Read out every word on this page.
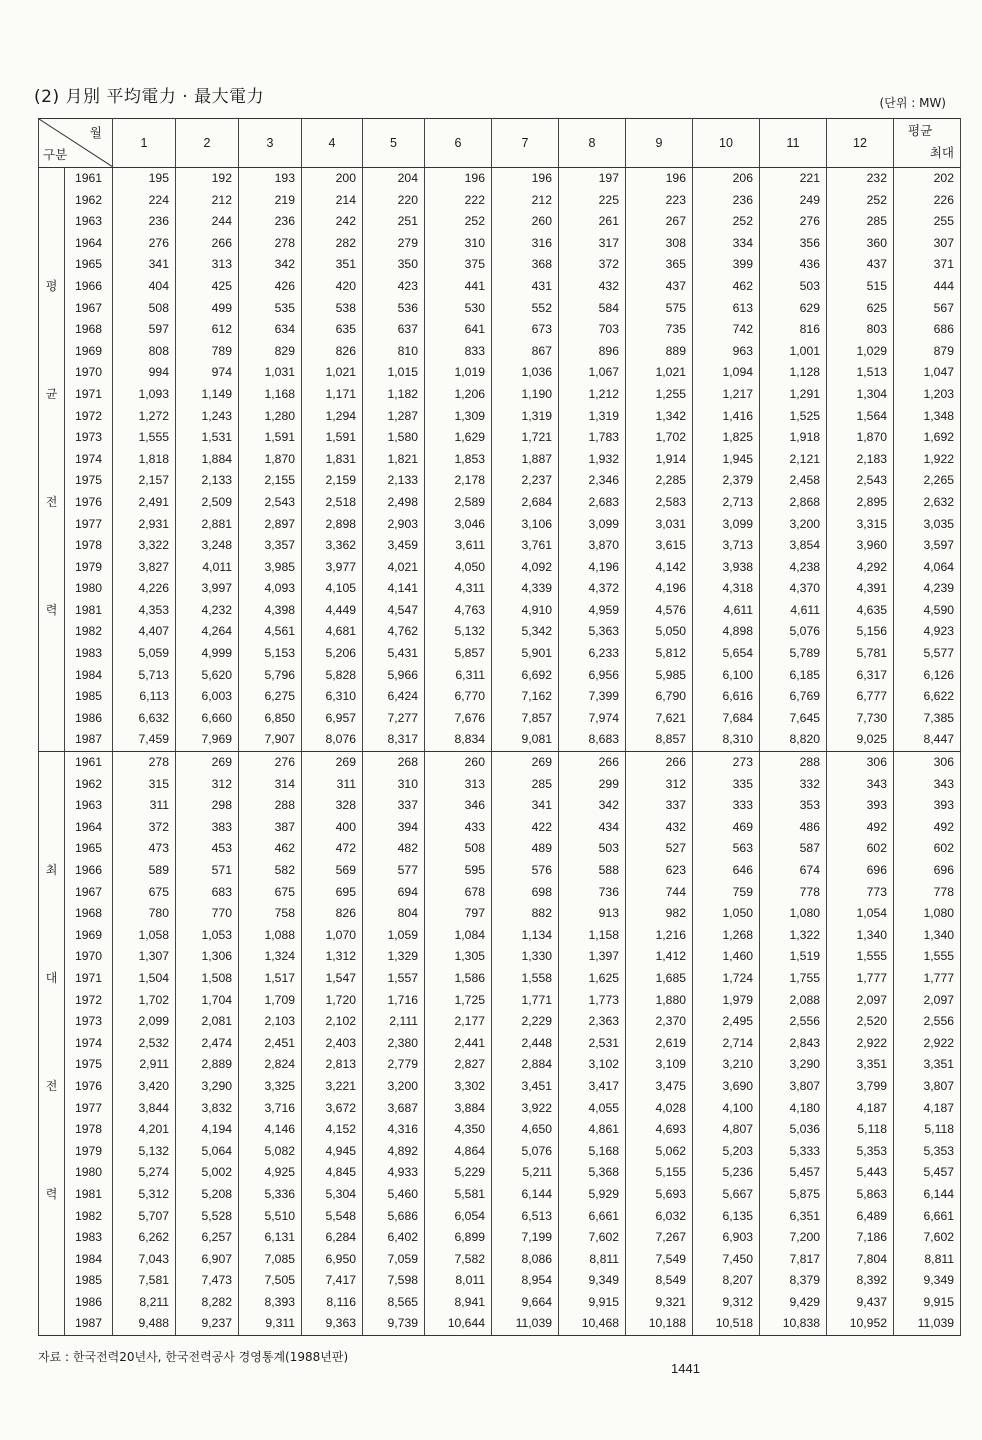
(2) 月別 平均電力 · 最大電力	(단위 : MW)
월
구분		1	2	3	4	5	6	7	8	9	10	11	12	평균
최대

평
균
전
력	1961	195	192	193	200	204	196	196	197	196	206	221	232	202
	1962	224	212	219	214	220	222	212	225	223	236	249	252	226
	1963	236	244	236	242	251	252	260	261	267	252	276	285	255
	1964	276	266	278	282	279	310	316	317	308	334	356	360	307
	1965	341	313	342	351	350	375	368	372	365	399	436	437	371
	1966	404	425	426	420	423	441	431	432	437	462	503	515	444
	1967	508	499	535	538	536	530	552	584	575	613	629	625	567
	1968	597	612	634	635	637	641	673	703	735	742	816	803	686
	1969	808	789	829	826	810	833	867	896	889	963	1,001	1,029	879
	1970	994	974	1,031	1,021	1,015	1,019	1,036	1,067	1,021	1,094	1,128	1,513	1,047
	1971	1,093	1,149	1,168	1,171	1,182	1,206	1,190	1,212	1,255	1,217	1,291	1,304	1,203
	1972	1,272	1,243	1,280	1,294	1,287	1,309	1,319	1,319	1,342	1,416	1,525	1,564	1,348
	1973	1,555	1,531	1,591	1,591	1,580	1,629	1,721	1,783	1,702	1,825	1,918	1,870	1,692
	1974	1,818	1,884	1,870	1,831	1,821	1,853	1,887	1,932	1,914	1,945	2,121	2,183	1,922
	1975	2,157	2,133	2,155	2,159	2,133	2,178	2,237	2,346	2,285	2,379	2,458	2,543	2,265
	1976	2,491	2,509	2,543	2,518	2,498	2,589	2,684	2,683	2,583	2,713	2,868	2,895	2,632
	1977	2,931	2,881	2,897	2,898	2,903	3,046	3,106	3,099	3,031	3,099	3,200	3,315	3,035
	1978	3,322	3,248	3,357	3,362	3,459	3,611	3,761	3,870	3,615	3,713	3,854	3,960	3,597
	1979	3,827	4,011	3,985	3,977	4,021	4,050	4,092	4,196	4,142	3,938	4,238	4,292	4,064
	1980	4,226	3,997	4,093	4,105	4,141	4,311	4,339	4,372	4,196	4,318	4,370	4,391	4,239
	1981	4,353	4,232	4,398	4,449	4,547	4,763	4,910	4,959	4,576	4,611	4,611	4,635	4,590
	1982	4,407	4,264	4,561	4,681	4,762	5,132	5,342	5,363	5,050	4,898	5,076	5,156	4,923
	1983	5,059	4,999	5,153	5,206	5,431	5,857	5,901	6,233	5,812	5,654	5,789	5,781	5,577
	1984	5,713	5,620	5,796	5,828	5,966	6,311	6,692	6,956	5,985	6,100	6,185	6,317	6,126
	1985	6,113	6,003	6,275	6,310	6,424	6,770	7,162	7,399	6,790	6,616	6,769	6,777	6,622
	1986	6,632	6,660	6,850	6,957	7,277	7,676	7,857	7,974	7,621	7,684	7,645	7,730	7,385
	1987	7,459	7,969	7,907	8,076	8,317	8,834	9,081	8,683	8,857	8,310	8,820	9,025	8,447

최
대
전
력	1961	278	269	276	269	268	260	269	266	266	273	288	306	306
	1962	315	312	314	311	310	313	285	299	312	335	332	343	343
	1963	311	298	288	328	337	346	341	342	337	333	353	393	393
	1964	372	383	387	400	394	433	422	434	432	469	486	492	492
	1965	473	453	462	472	482	508	489	503	527	563	587	602	602
	1966	589	571	582	569	577	595	576	588	623	646	674	696	696
	1967	675	683	675	695	694	678	698	736	744	759	778	773	778
	1968	780	770	758	826	804	797	882	913	982	1,050	1,080	1,054	1,080
	1969	1,058	1,053	1,088	1,070	1,059	1,084	1,134	1,158	1,216	1,268	1,322	1,340	1,340
	1970	1,307	1,306	1,324	1,312	1,329	1,305	1,330	1,397	1,412	1,460	1,519	1,555	1,555
	1971	1,504	1,508	1,517	1,547	1,557	1,586	1,558	1,625	1,685	1,724	1,755	1,777	1,777
	1972	1,702	1,704	1,709	1,720	1,716	1,725	1,771	1,773	1,880	1,979	2,088	2,097	2,097
	1973	2,099	2,081	2,103	2,102	2,111	2,177	2,229	2,363	2,370	2,495	2,556	2,520	2,556
	1974	2,532	2,474	2,451	2,403	2,380	2,441	2,448	2,531	2,619	2,714	2,843	2,922	2,922
	1975	2,911	2,889	2,824	2,813	2,779	2,827	2,884	3,102	3,109	3,210	3,290	3,351	3,351
	1976	3,420	3,290	3,325	3,221	3,200	3,302	3,451	3,417	3,475	3,690	3,807	3,799	3,807
	1977	3,844	3,832	3,716	3,672	3,687	3,884	3,922	4,055	4,028	4,100	4,180	4,187	4,187
	1978	4,201	4,194	4,146	4,152	4,316	4,350	4,650	4,861	4,693	4,807	5,036	5,118	5,118
	1979	5,132	5,064	5,082	4,945	4,892	4,864	5,076	5,168	5,062	5,203	5,333	5,353	5,353
	1980	5,274	5,002	4,925	4,845	4,933	5,229	5,211	5,368	5,155	5,236	5,457	5,443	5,457
	1981	5,312	5,208	5,336	5,304	5,460	5,581	6,144	5,929	5,693	5,667	5,875	5,863	6,144
	1982	5,707	5,528	5,510	5,548	5,686	6,054	6,513	6,661	6,032	6,135	6,351	6,489	6,661
	1983	6,262	6,257	6,131	6,284	6,402	6,899	7,199	7,602	7,267	6,903	7,200	7,186	7,602
	1984	7,043	6,907	7,085	6,950	7,059	7,582	8,086	8,811	7,549	7,450	7,817	7,804	8,811
	1985	7,581	7,473	7,505	7,417	7,598	8,011	8,954	9,349	8,549	8,207	8,379	8,392	9,349
	1986	8,211	8,282	8,393	8,116	8,565	8,941	9,664	9,915	9,321	9,312	9,429	9,437	9,915
	1987	9,488	9,237	9,311	9,363	9,739	10,644	11,039	10,468	10,188	10,518	10,838	10,952	11,039
자료 : 한국전력20년사, 한국전력공사 경영통계(1988년판)
1441
